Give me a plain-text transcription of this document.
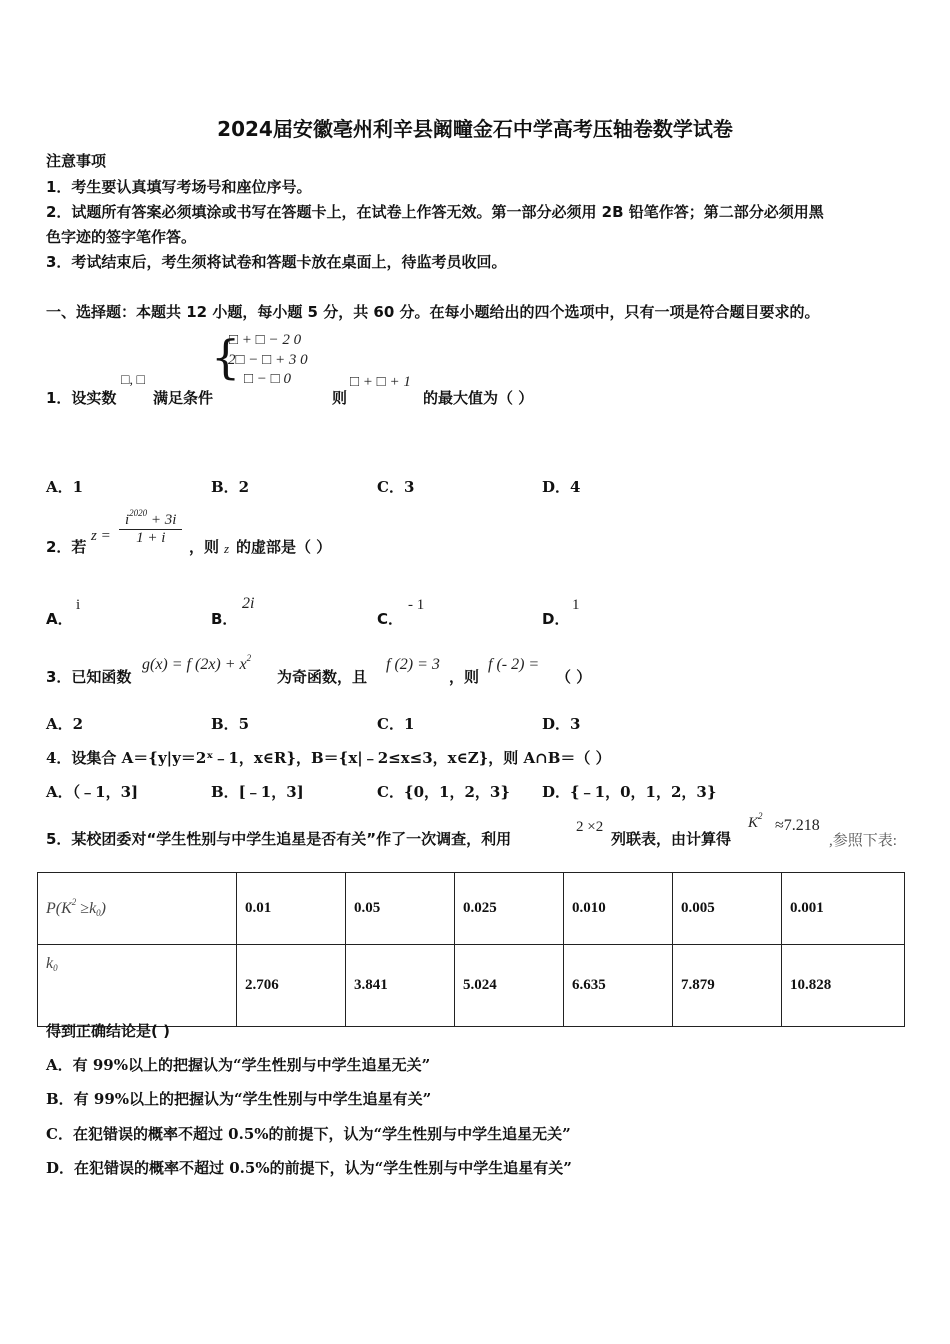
2024届安徽亳州利辛县阚疃金石中学高考压轴卷数学试卷
注意事项
1．考生要认真填写考场号和座位序号。
2．试题所有答案必须填涂或书写在答题卡上，在试卷上作答无效。第一部分必须用 2B 铅笔作答；第二部分必须用黑
色字迹的签字笔作答。
3．考试结束后，考生须将试卷和答题卡放在桌面上，待监考员收回。
一、选择题：本题共 12 小题，每小题 5 分，共 60 分。在每小题给出的四个选项中，只有一项是符合题目要求的。
1．设实数
□, □
满足条件
{
□ + □ − 2 0
2□ − □ + 3 0
□ − □ 0
则
□ + □ + 1
的最大值为（ ）
A．1	B．2	C．3	D．4
2．若
$z = \frac{i^{2020} + 3i}{1 + i}$ ，则 z 的虚部是（ ）
A．
i
B．
2i
C．
- 1
D．
1
3．已知函数
g(x) = f $(2x) + x^2$
为奇函数，且
f (2) = 3
，则
f (- 2) =
（ ）
A．2	B．5	C．1	D．3
4．设集合 A＝{y|y＝2ˣ﹣1，x∈R}，B＝{x|﹣2≤x≤3，x∈Z}，则 A∩B＝（ ）
A．（﹣1，3]	B．[﹣1，3]	C．{0，1，2，3} D．{﹣1，0，1，2，3}
5．某校团委对“学生性别与中学生追星是否有关”作了一次调查，利用
2 ×2
列联表，由计算得
$K^2$
≈7.218
,参照下表:
$P(K^2 \ge k_0)$	0.01	0.05	0.025	0.010	0.005	0.001
$k_0$	2.706	3.841	5.024	6.635	7.879	10.828
得到正确结论是( )
A．有 99%以上的把握认为“学生性别与中学生追星无关”
B．有 99%以上的把握认为“学生性别与中学生追星有关”
C．在犯错误的概率不超过 0.5%的前提下，认为“学生性别与中学生追星无关”
D．在犯错误的概率不超过 0.5%的前提下，认为“学生性别与中学生追星有关”
